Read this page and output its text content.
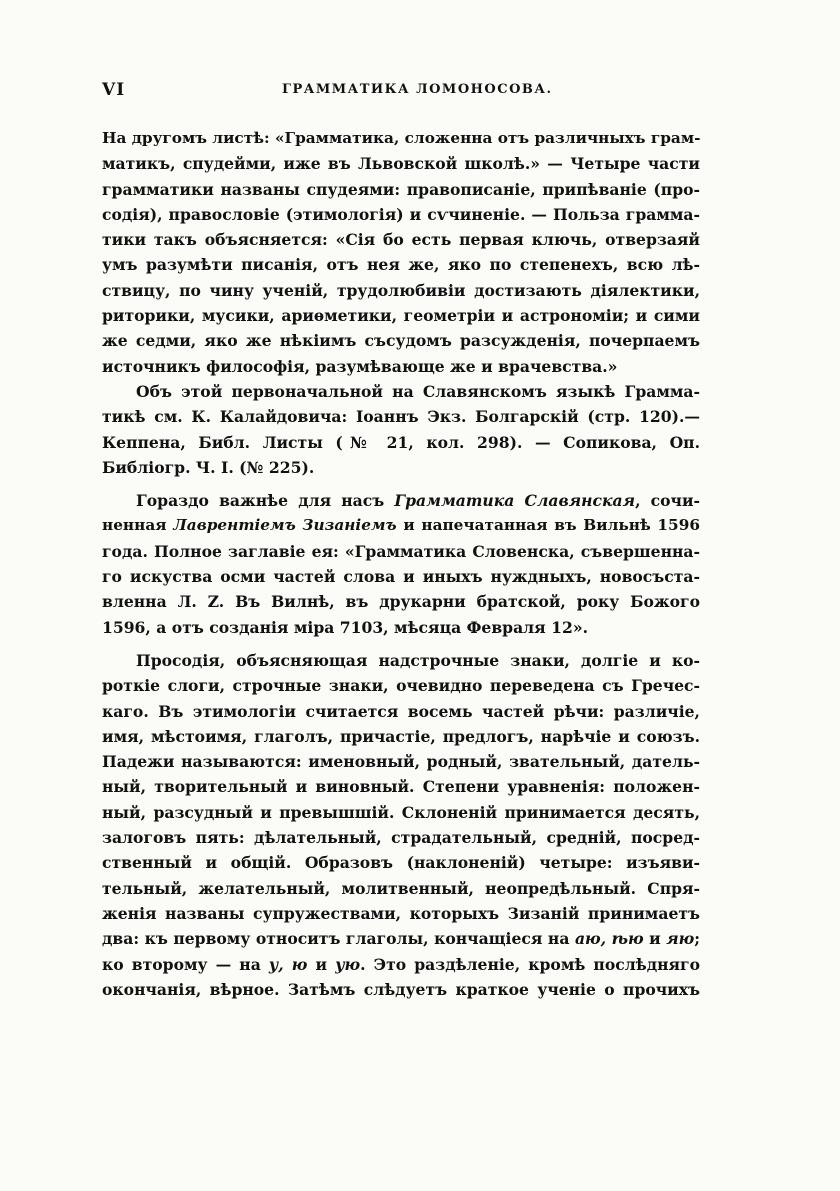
VI	ГРАММАТИКА ЛОМОНОСОВА.
На другомъ листѣ: «Грамматика, сложенна отъ различныхъ грам-
матикъ, спудейми, иже въ Львовской школѣ.» — Четыре части
грамматики названы спудеями: правописаніе, припѣваніе (про-
содія), правословіе (этимологія) и сѵчиненіе. — Польза грамма-
тики такъ объясняется: «Сія бо есть первая ключь, отверзаяй
умъ разумѣти писанія, отъ нея же, яко по степенехъ, всю лѣ-
ствицу, по чину ученій, трудолюбивіи достизають діялектики,
риторики, мусики, ариѳметики, геометріи и астрономіи; и сими
же седми, яко же нѣкіимъ съсудомъ разсужденія, почерпаемъ
источникъ философія, разумѣвающе же и врачевства.»
Объ этой первоначальной на Славянскомъ языкѣ Грамма-
тикѣ см. К. Калайдовича: Іоаннъ Экз. Болгарскій (стр. 120).—
Кеппена, Библ. Листы (№ 21, кол. 298). — Сопикова, Оп.
Библіогр. Ч. I. (№ 225).
Гораздо важнѣе для насъ Грамматика Славянская, сочи-
ненная Лаврентіемъ Зизаніемъ и напечатанная въ Вильнѣ 1596
года. Полное заглавіе ея: «Грамматика Словенска, съвершенна-
го искуства осми частей слова и иныхъ нуждныхъ, новосъста-
вленна Л. Z. Въ Вилнѣ, въ друкарни братской, року Божого
1596, а отъ созданія міра 7103, мѣсяца Февраля 12».
Просодія, объясняющая надстрочные знаки, долгіе и ко-
роткіе слоги, строчные знаки, очевидно переведена съ Гречес-
каго. Въ этимологіи считается восемь частей рѣчи: различіе,
имя, мѣстоимя, глаголъ, причастіе, предлогъ, нарѣчіе и союзъ.
Падежи называются: именовный, родный, звательный, датель-
ный, творительный и виновный. Степени уравненія: положен-
ный, разсудный и превышшій. Склоненій принимается десять,
залоговъ пять: дѣлательный, страдательный, средній, посред-
ственный и общій. Образовъ (наклоненій) четыре: изъяви-
тельный, желательный, молитвенный, неопредѣльный. Спря-
женія названы супружествами, которыхъ Зизаній принимаетъ
два: къ первому относитъ глаголы, кончащіеся на аю, ѣю и яю;
ко второму — на у, ю и ую. Это раздѣленіе, кромѣ послѣдняго
окончанія, вѣрное. Затѣмъ слѣдуетъ краткое ученіе о прочихъ
